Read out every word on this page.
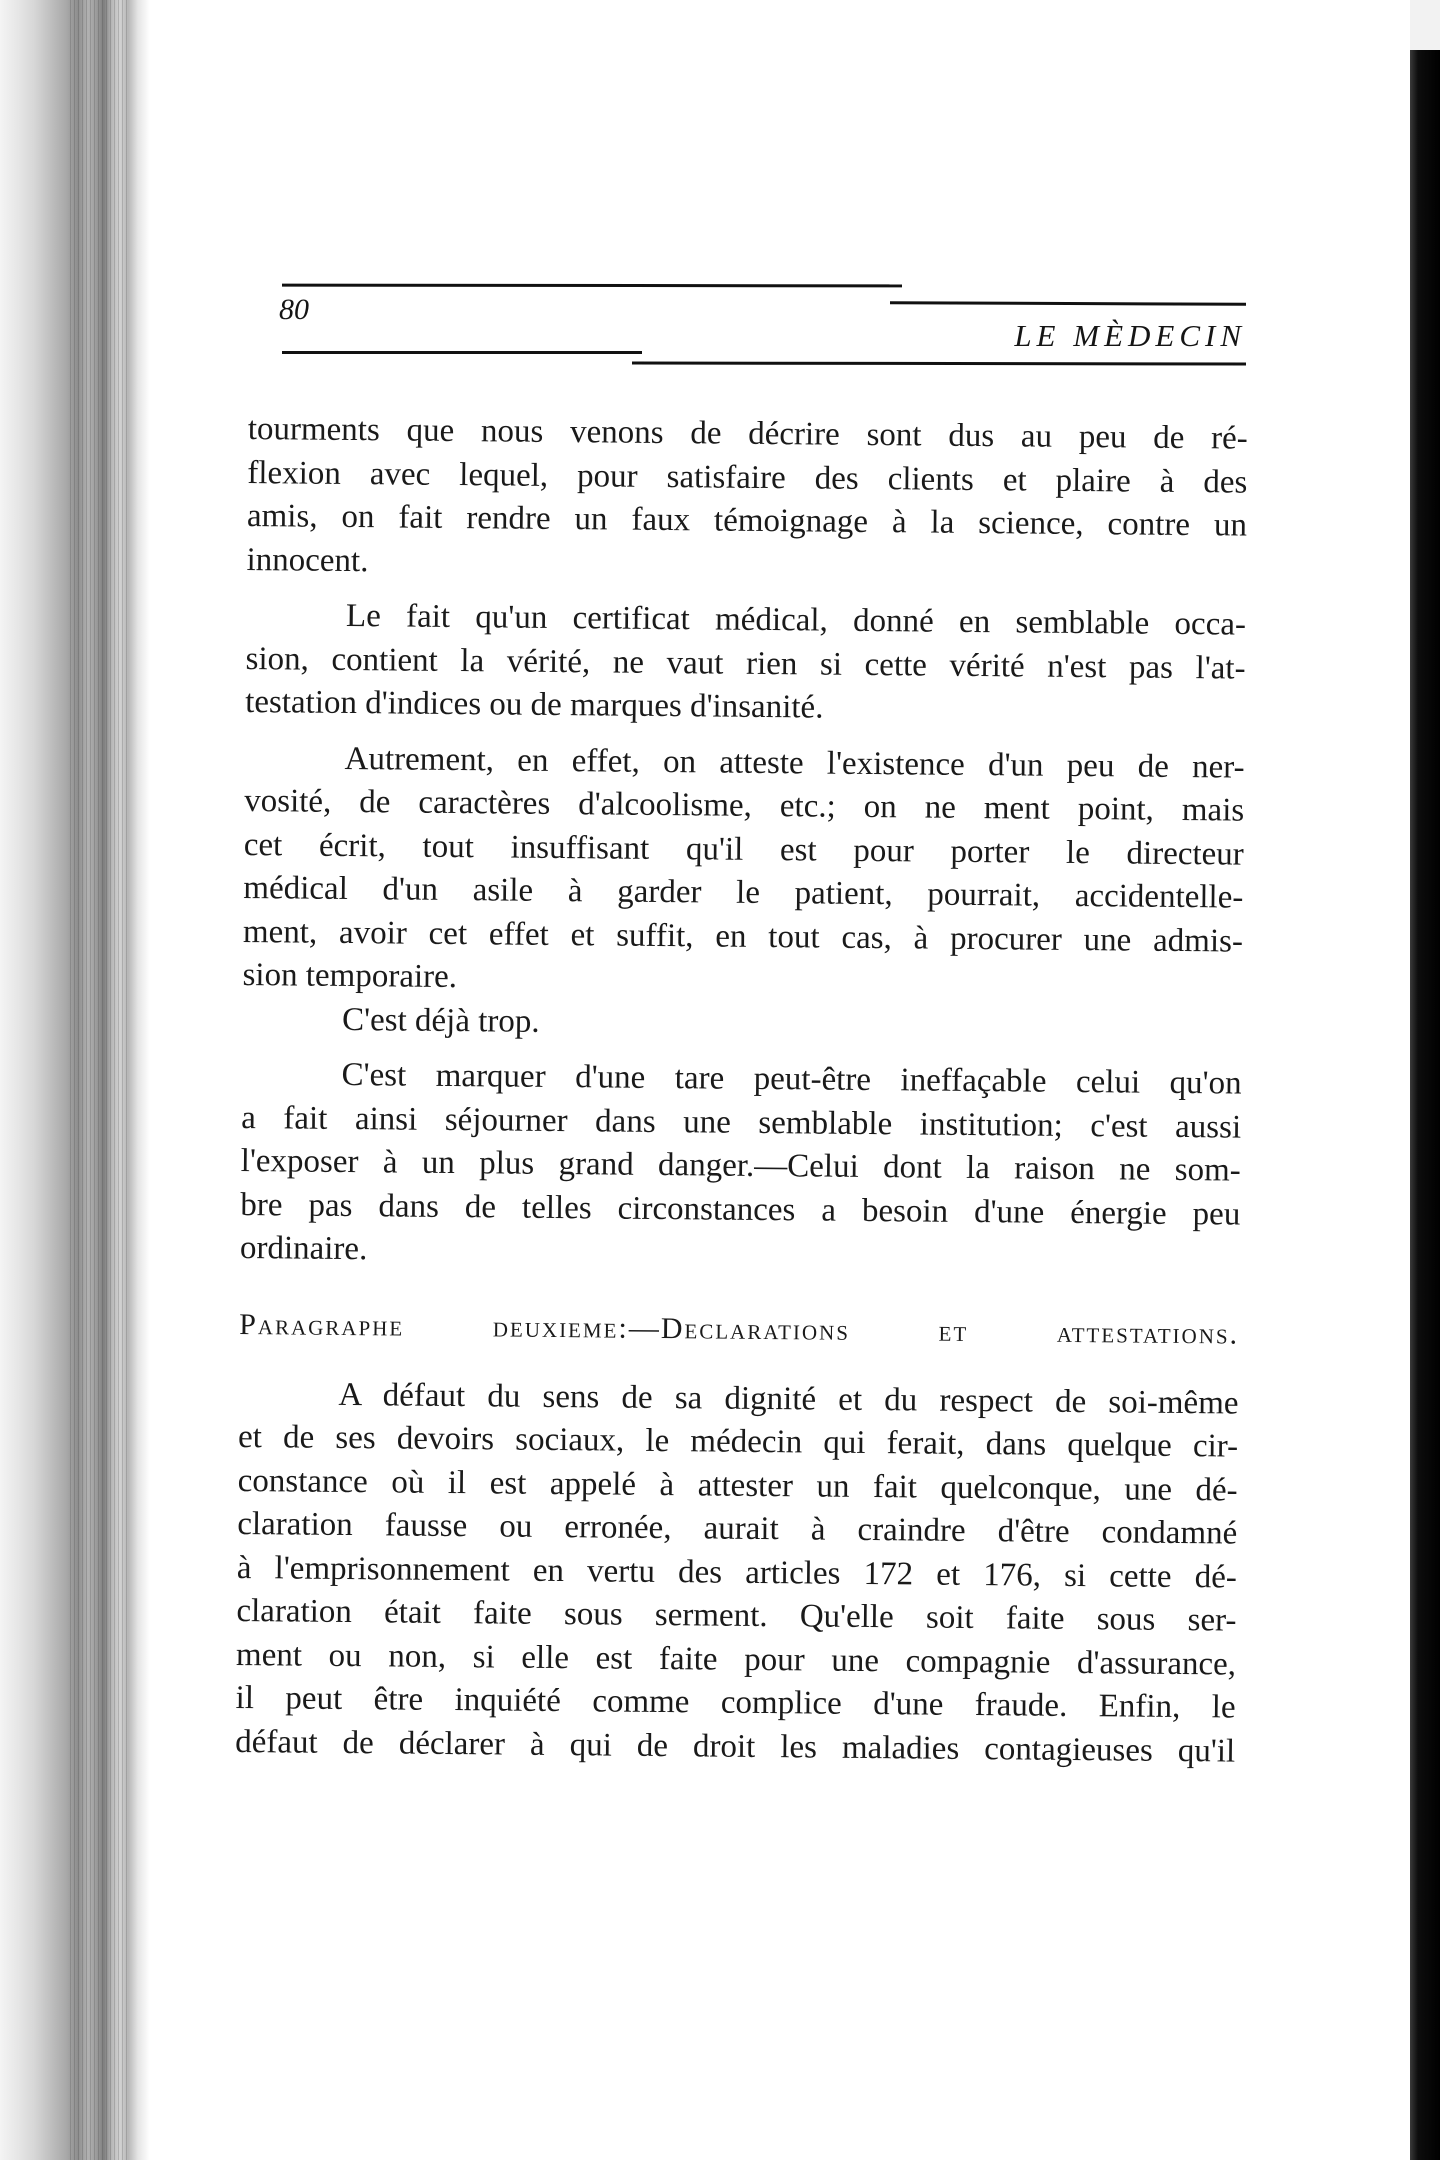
80

LE MÈDECIN

tourments que nous venons de décrire sont dus au peu de ré-
flexion avec lequel, pour satisfaire des clients et plaire à des
amis, on fait rendre un faux témoignage à la science, contre un
innocent.
Le fait qu'un certificat médical, donné en semblable occa-
sion, contient la vérité, ne vaut rien si cette vérité n'est pas l'at-
testation d'indices ou de marques d'insanité.
Autrement, en effet, on atteste l'existence d'un peu de ner-
vosité, de caractères d'alcoolisme, etc.; on ne ment point, mais
cet écrit, tout insuffisant qu'il est pour porter le directeur
médical d'un asile à garder le patient, pourrait, accidentelle-
ment, avoir cet effet et suffit, en tout cas, à procurer une admis-
sion temporaire.
C'est déjà trop.
C'est marquer d'une tare peut-être ineffaçable celui qu'on
a fait ainsi séjourner dans une semblable institution; c'est aussi
l'exposer à un plus grand danger.—Celui dont la raison ne som-
bre pas dans de telles circonstances a besoin d'une énergie peu
ordinaire.
Paragraphe deuxieme:—Declarations et attestations.
A défaut du sens de sa dignité et du respect de soi-même
et de ses devoirs sociaux, le médecin qui ferait, dans quelque cir-
constance où il est appelé à attester un fait quelconque, une dé-
claration fausse ou erronée, aurait à craindre d'être condamné
à l'emprisonnement en vertu des articles 172 et 176, si cette dé-
claration était faite sous serment. Qu'elle soit faite sous ser-
ment ou non, si elle est faite pour une compagnie d'assurance,
il peut être inquiété comme complice d'une fraude. Enfin, le
défaut de déclarer à qui de droit les maladies contagieuses qu'il
